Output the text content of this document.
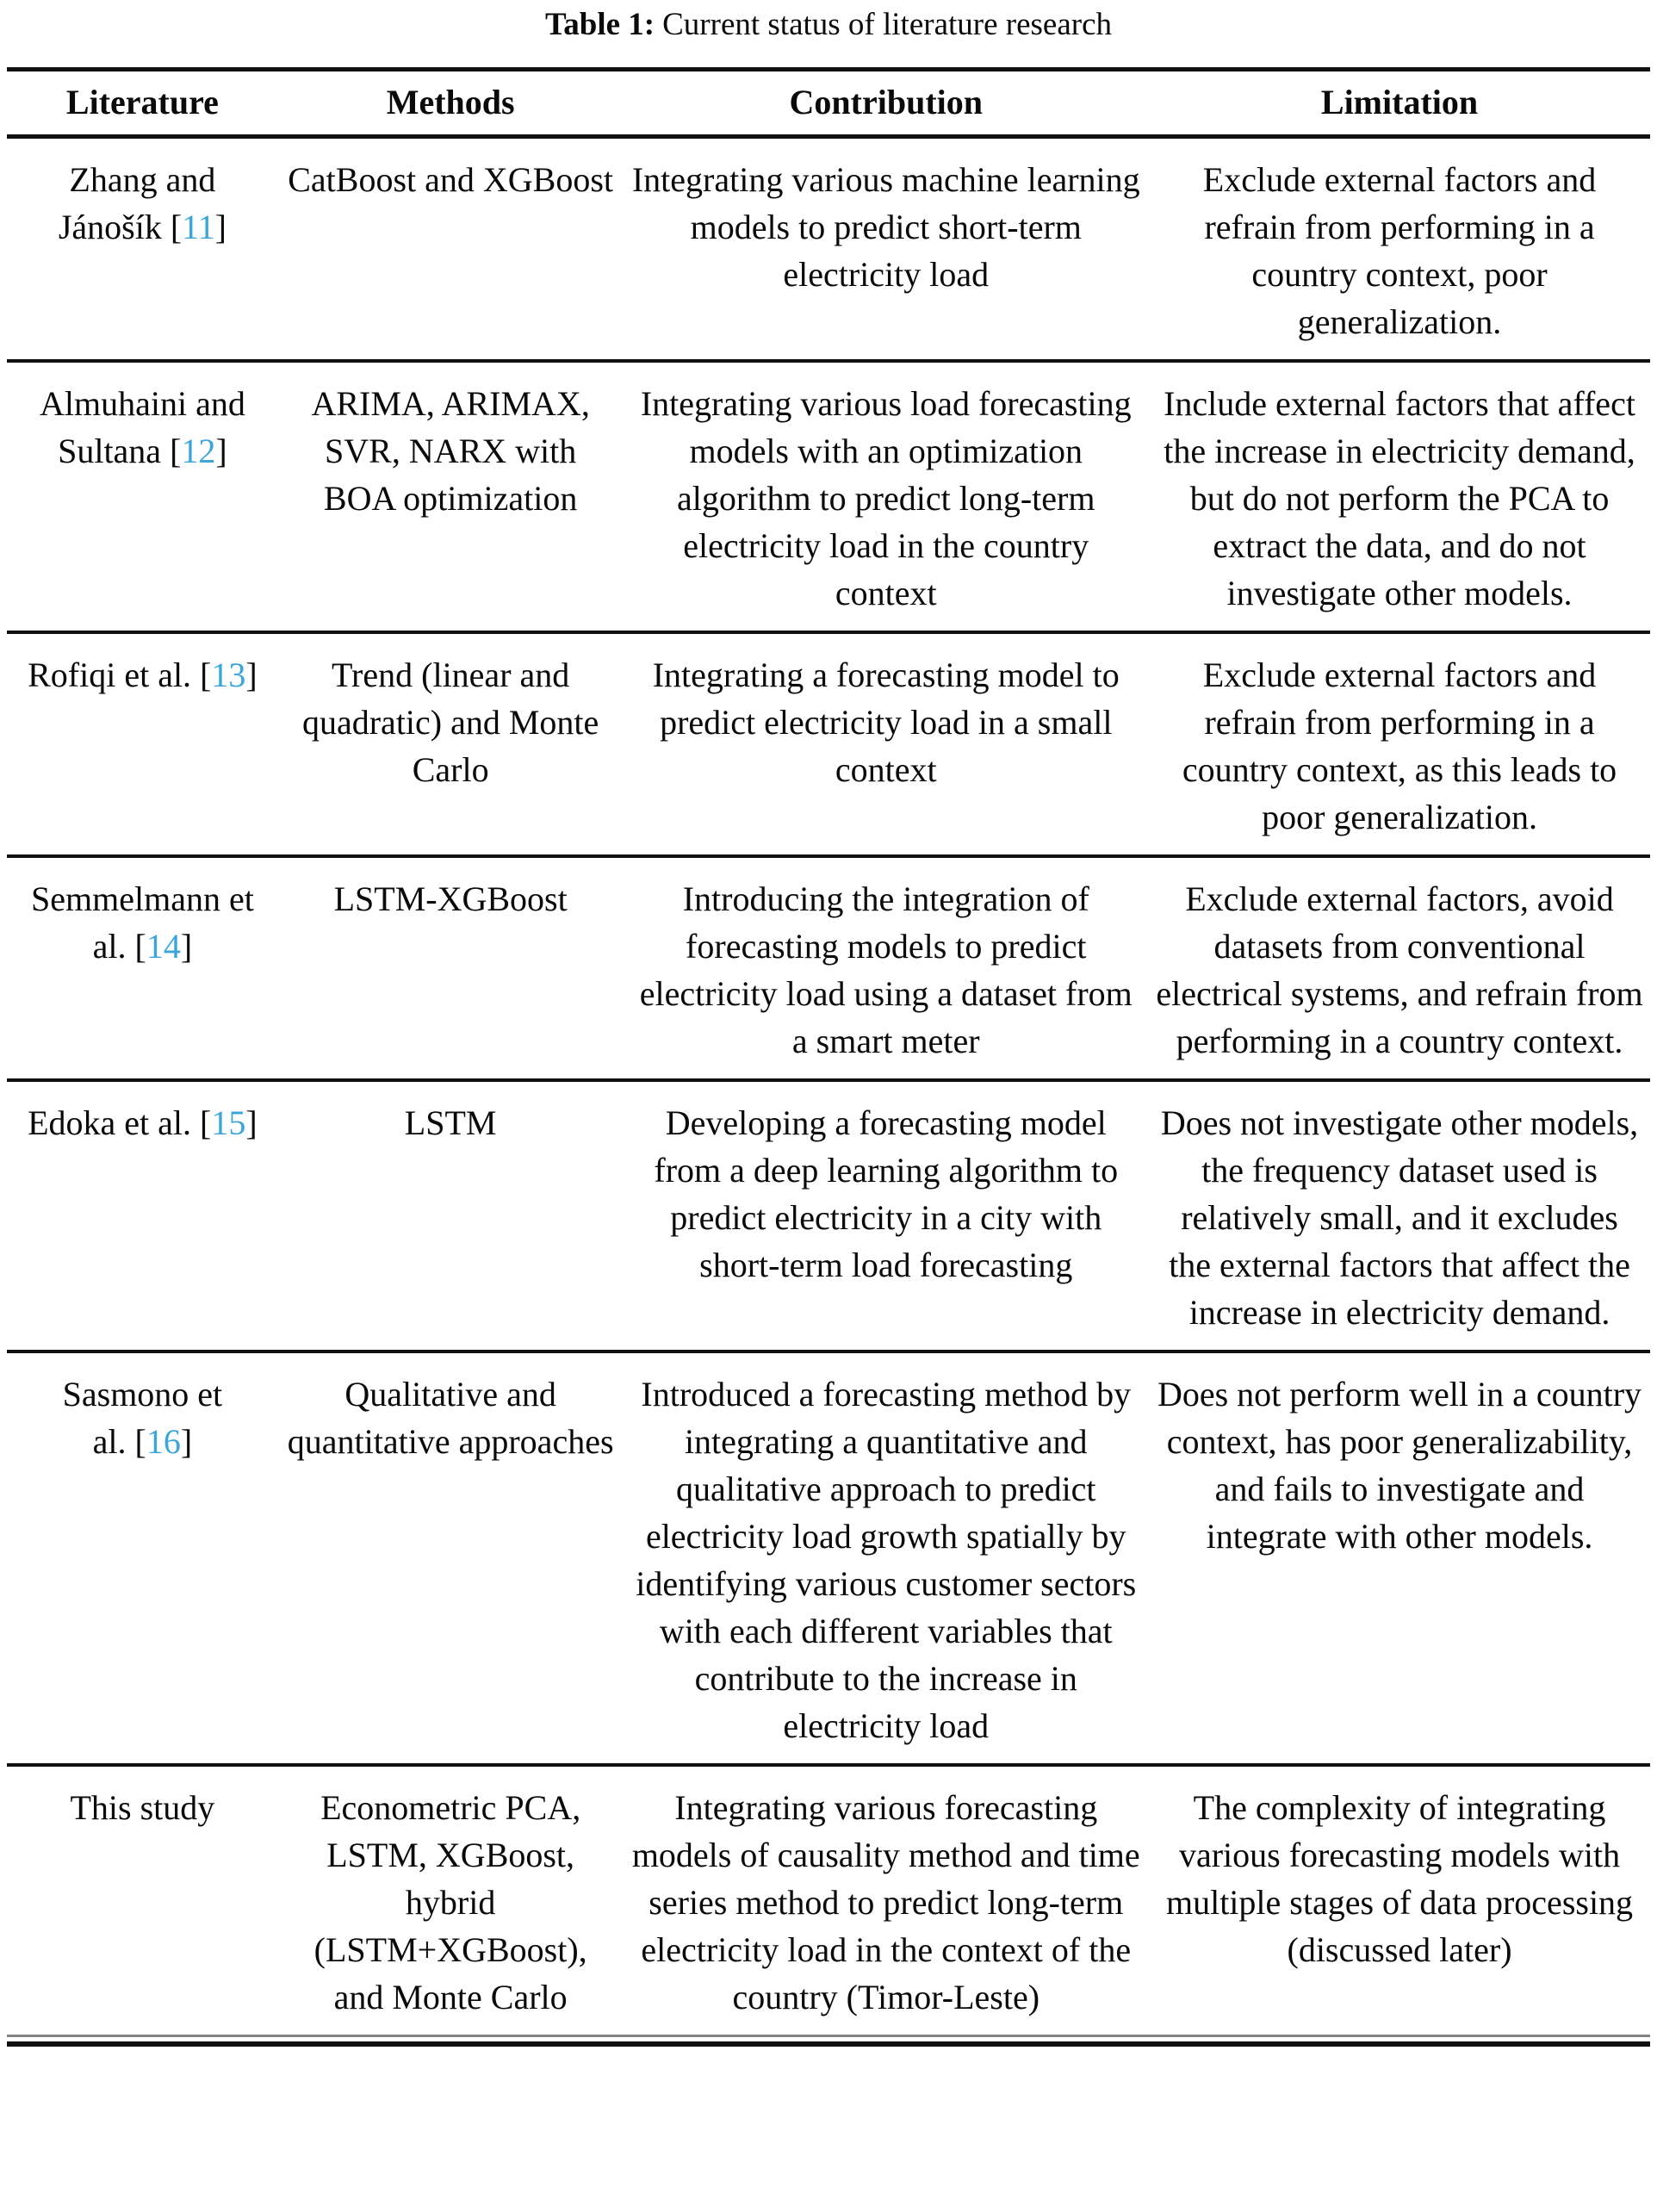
Table 1: Current status of literature research
Literature	Methods	Contribution	Limitation
Zhang and Jánošík [11]	CatBoost and XGBoost	Integrating various machine learning models to predict short-term electricity load	Exclude external factors and refrain from performing in a country context, poor generalization.
Almuhaini and Sultana [12]	ARIMA, ARIMAX, SVR, NARX with BOA optimization	Integrating various load forecasting models with an optimization algorithm to predict long-term electricity load in the country context	Include external factors that affect the increase in electricity demand, but do not perform the PCA to extract the data, and do not investigate other models.
Rofiqi et al. [13]	Trend (linear and quadratic) and Monte Carlo	Integrating a forecasting model to predict electricity load in a small context	Exclude external factors and refrain from performing in a country context, as this leads to poor generalization.
Semmelmann et al. [14]	LSTM-XGBoost	Introducing the integration of forecasting models to predict electricity load using a dataset from a smart meter	Exclude external factors, avoid datasets from conventional electrical systems, and refrain from performing in a country context.
Edoka et al. [15]	LSTM	Developing a forecasting model from a deep learning algorithm to predict electricity in a city with short-term load forecasting	Does not investigate other models, the frequency dataset used is relatively small, and it excludes the external factors that affect the increase in electricity demand.
Sasmono et al. [16]	Qualitative and quantitative approaches	Introduced a forecasting method by integrating a quantitative and qualitative approach to predict electricity load growth spatially by identifying various customer sectors with each different variables that contribute to the increase in electricity load	Does not perform well in a country context, has poor generalizability, and fails to investigate and integrate with other models.
This study	Econometric PCA, LSTM, XGBoost, hybrid (LSTM+XGBoost), and Monte Carlo	Integrating various forecasting models of causality method and time series method to predict long-term electricity load in the context of the country (Timor-Leste)	The complexity of integrating various forecasting models with multiple stages of data processing (discussed later)
